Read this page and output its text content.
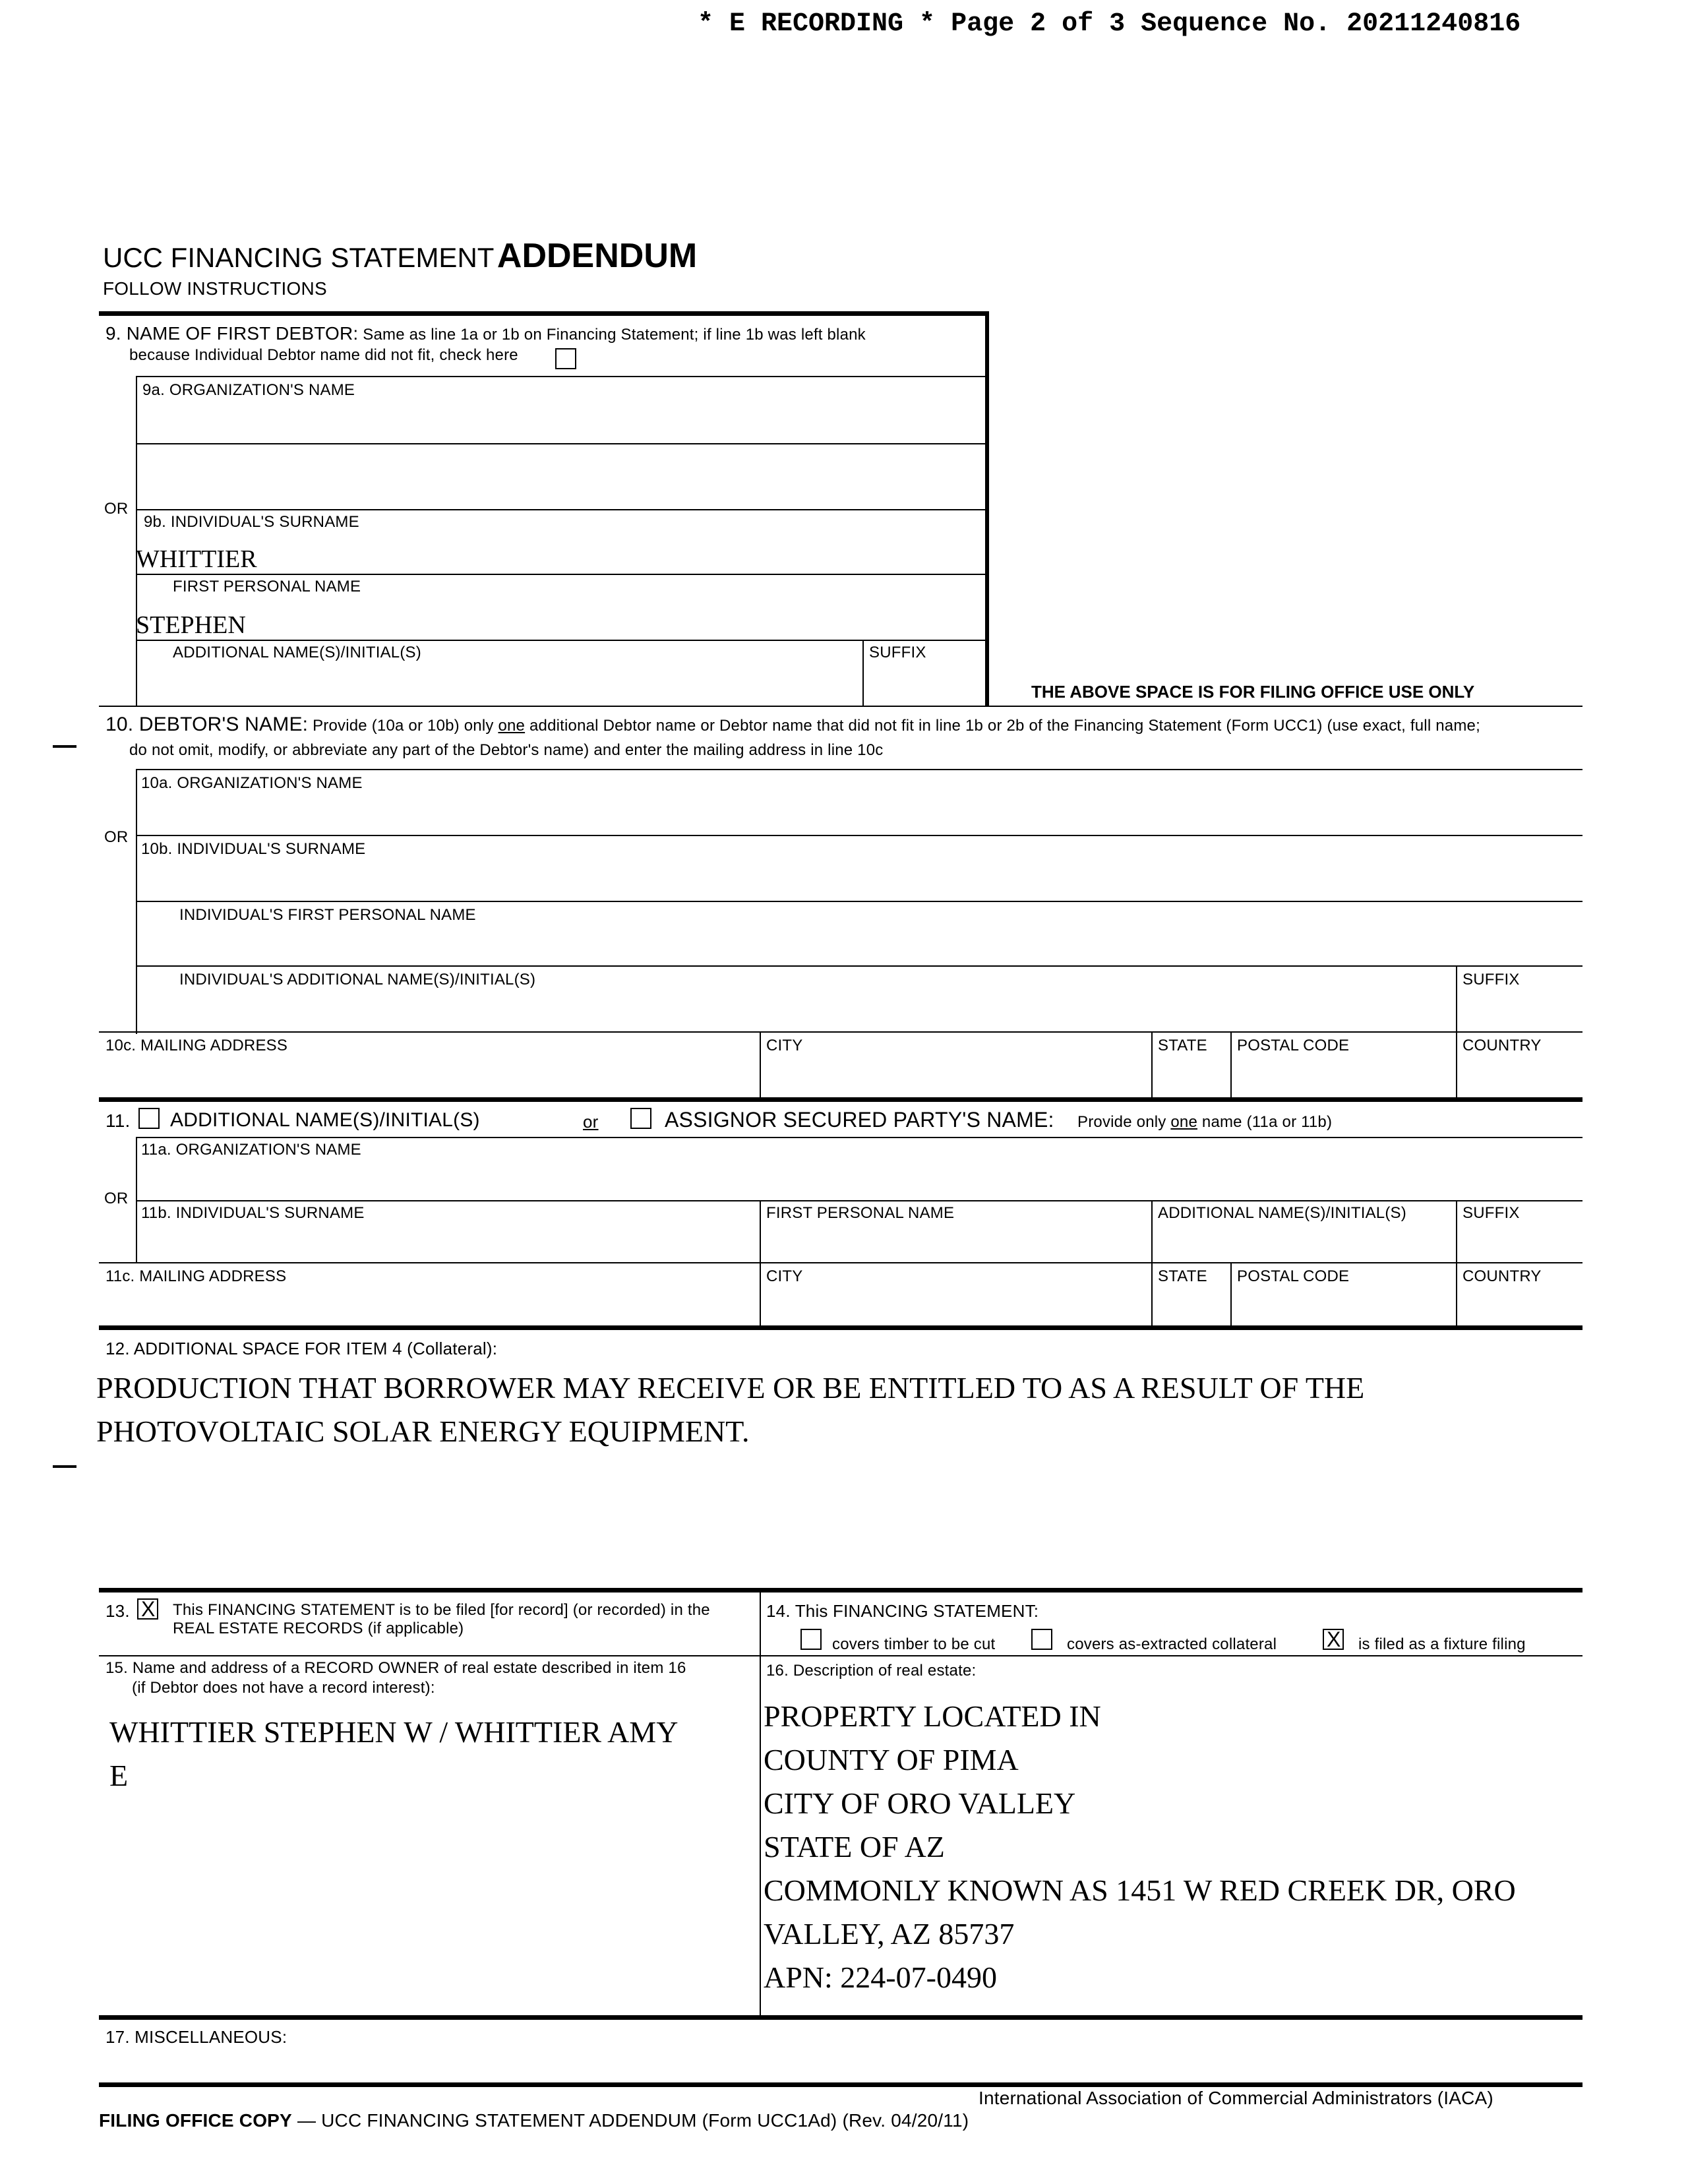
* E RECORDING * Page 2 of 3 Sequence No. 20211240816
UCC FINANCING STATEMENT ADDENDUM
FOLLOW INSTRUCTIONS
9. NAME OF FIRST DEBTOR: Same as line 1a or 1b on Financing Statement; if line 1b was left blank
because Individual Debtor name did not fit, check here
9a. ORGANIZATION'S NAME
OR
9b. INDIVIDUAL'S SURNAME
WHITTIER
FIRST PERSONAL NAME
STEPHEN
ADDITIONAL NAME(S)/INITIAL(S)	SUFFIX
THE ABOVE SPACE IS FOR FILING OFFICE USE ONLY
10. DEBTOR'S NAME: Provide (10a or 10b) only one additional Debtor name or Debtor name that did not fit in line 1b or 2b of the Financing Statement (Form UCC1) (use exact, full name;
do not omit, modify, or abbreviate any part of the Debtor's name) and enter the mailing address in line 10c
10a. ORGANIZATION'S NAME
OR
10b. INDIVIDUAL'S SURNAME
INDIVIDUAL'S FIRST PERSONAL NAME
INDIVIDUAL'S ADDITIONAL NAME(S)/INITIAL(S)	SUFFIX
10c. MAILING ADDRESS	CITY	STATE POSTAL CODE	COUNTRY
11. ADDITIONAL NAME(S)/INITIAL(S)	or	ASSIGNOR SECURED PARTY'S NAME: Provide only one name (11a or 11b)
11a. ORGANIZATION'S NAME
OR
11b. INDIVIDUAL'S SURNAME	FIRST PERSONAL NAME	ADDITIONAL NAME(S)/INITIAL(S)	SUFFIX
11c. MAILING ADDRESS	CITY	STATE POSTAL CODE	COUNTRY
12. ADDITIONAL SPACE FOR ITEM 4 (Collateral):
PRODUCTION THAT BORROWER MAY RECEIVE OR BE ENTITLED TO AS A RESULT OF THE
PHOTOVOLTAIC SOLAR ENERGY EQUIPMENT.
13. X	This FINANCING STATEMENT is to be filed [for record] (or recorded) in the
REAL ESTATE RECORDS (if applicable)
14. This FINANCING STATEMENT:
covers timber to be cut	covers as-extracted collateral X	is filed as a fixture filing
15. Name and address of a RECORD OWNER of real estate described in item 16
(if Debtor does not have a record interest):
WHITTIER STEPHEN W / WHITTIER AMY
E
16. Description of real estate:
PROPERTY LOCATED IN
COUNTY OF PIMA
CITY OF ORO VALLEY
STATE OF AZ
COMMONLY KNOWN AS 1451 W RED CREEK DR, ORO
VALLEY, AZ 85737
APN: 224-07-0490
17. MISCELLANEOUS:
International Association of Commercial Administrators (IACA)
FILING OFFICE COPY — UCC FINANCING STATEMENT ADDENDUM (Form UCC1Ad) (Rev. 04/20/11)
